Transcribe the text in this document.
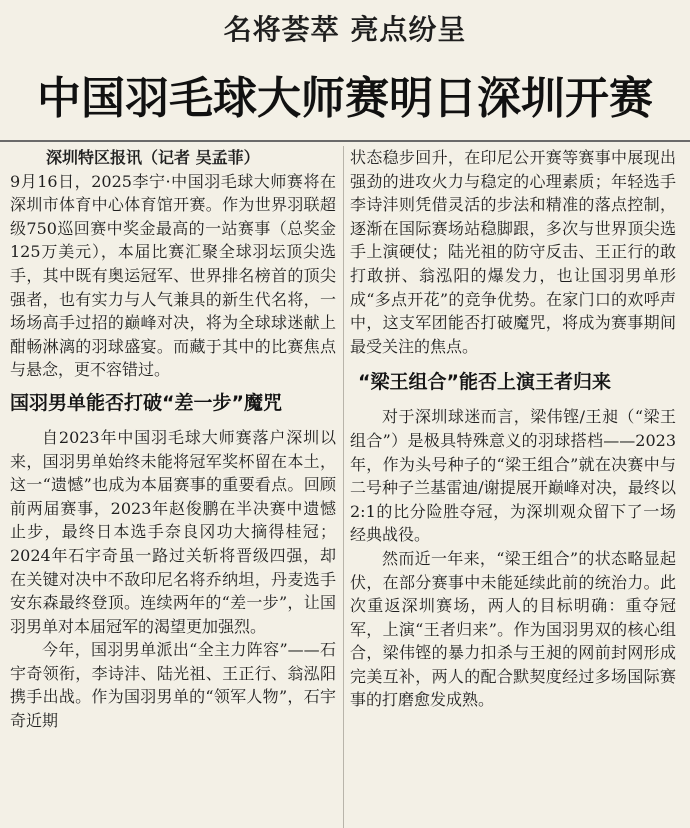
名将荟萃 亮点纷呈
中国羽毛球大师赛明日深圳开赛
深圳特区报讯（记者 吴孟菲）

9月16日，2025李宁·中国羽毛球大师赛将在深圳市体育中心体育馆开赛。作为世界羽联超级750巡回赛中奖金最高的一站赛事（总奖金125万美元），本届比赛汇聚全球羽坛顶尖选手，其中既有奥运冠军、世界排名榜首的顶尖强者，也有实力与人气兼具的新生代名将，一场场高手过招的巅峰对决，将为全球球迷献上酣畅淋漓的羽球盛宴。而藏于其中的比赛焦点与悬念，更不容错过。

国羽男单能否打破“差一步”魔咒

自2023年中国羽毛球大师赛落户深圳以来，国羽男单始终未能将冠军奖杯留在本土，这一“遗憾”也成为本届赛事的重要看点。回顾前两届赛事，2023年赵俊鹏在半决赛中遗憾止步，最终日本选手奈良冈功大摘得桂冠；2024年石宇奇虽一路过关斩将晋级四强，却在关键对决中不敌印尼名将乔纳坦，丹麦选手安东森最终登顶。连续两年的“差一步”，让国羽男单对本届冠军的渴望更加强烈。

今年，国羽男单派出“全主力阵容”——石宇奇领衔，李诗沣、陆光祖、王正行、翁泓阳携手出战。作为国羽男单的“领军人物”，石宇奇近期

状态稳步回升，在印尼公开赛等赛事中展现出强劲的进攻火力与稳定的心理素质；年轻选手李诗沣则凭借灵活的步法和精准的落点控制，逐渐在国际赛场站稳脚跟，多次与世界顶尖选手上演硬仗；陆光祖的防守反击、王正行的敢打敢拼、翁泓阳的爆发力，也让国羽男单形成“多点开花”的竞争优势。在家门口的欢呼声中，这支军团能否打破魔咒，将成为赛事期间最受关注的焦点。

“梁王组合”能否上演王者归来

对于深圳球迷而言，梁伟铿/王昶（“梁王组合”）是极具特殊意义的羽球搭档——2023年，作为头号种子的“梁王组合”就在决赛中与二号种子兰基雷迪/谢提展开巅峰对决，最终以2:1的比分险胜夺冠，为深圳观众留下了一场经典战役。

然而近一年来，“梁王组合”的状态略显起伏，在部分赛事中未能延续此前的统治力。此次重返深圳赛场，两人的目标明确：重夺冠军，上演“王者归来”。作为国羽男双的核心组合，梁伟铿的暴力扣杀与王昶的网前封网形成完美互补，两人的配合默契度经过多场国际赛事的打磨愈发成熟。
